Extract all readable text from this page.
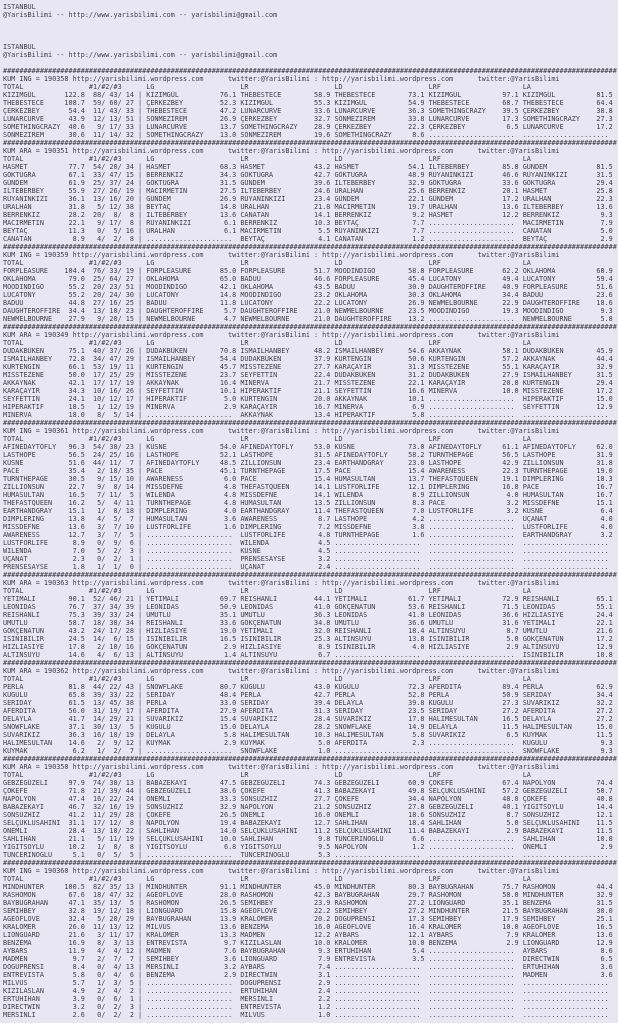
ISTANBUL
@YarisBilimi -- http://www.yarisbilimi.com -- yarisbilimi@gmail.com

ISTANBUL
@YarisBilimi -- http://www.yarisbilimi.com -- yarisbilimi@gmail.com

######################################################################################################################################################
KUM ING = 190358 http://yarisbilimi.wordpress.com      twitter:@YarisBilimi : http://yarisbilimi.wordpress.com      twitter:@YarisBilimi
TOTAL                #1/#2/#3      LG                     LR                     LD                     LRF                    LA
KIZIMGÜL       122.8  88/ 43/ 14 | KIZIMGÜL          76.1 THEBESTECE        58.9 THEBESTECE        73.1 KIZIMGÜL          97.1 KIZIMGÜL          81.5
THEBESTECE     108.7  59/ 60/ 27 | ÇERKEZBEY         52.3 KIZIMGÜL          55.3 KIZIMGÜL          54.9 THEBESTECE        68.7 THEBESTECE        64.4
ÇERKEZBEY       54.4  11/ 43/ 33 | THEBESTECE        47.2 LUNARCURVE        33.6 LUNARCURVE        36.3 SOMETHINGCRAZY    39.5 ÇERKEZBEY         38.8
LUNARCURVE      43.9  12/ 13/ 51 | SÖNMEZIREM        26.9 ÇERKEZBEY         32.7 SÖNMEZIREM        33.8 LUNARCURVE        17.3 SOMETHINGCRAZY    27.3
SOMETHINGCRAZY  40.6   9/ 17/ 33 | LUNARCURVE        13.7 SOMETHINGCRAZY    28.9 ÇERKEZBEY         22.3 ÇERKEZBEY          6.5 LUNARCURVE        17.2
SÖNMEZIREM      30.6  11/ 14/ 32 | SOMETHINGCRAZY    13.0 SÖNMEZIREM        19.6 SOMETHINGCRAZY     8.6 .....................  .....................
######################################################################################################################################################
KUM ARA = 190351 http://yarisbilimi.wordpress.com      twitter:@YarisBilimi : http://yarisbilimi.wordpress.com      twitter:@YarisBilimi
TOTAL                #1/#2/#3      LG                     LR                     LD                     LRF                    LA
HASMET          77.7  54/ 20/ 34 | HASMET            68.3 HASMET            43.2 HASMET            54.1 ILTEBERBEY        85.8 GÜNDEM            81.5
GÖKTUGRA        67.1  33/ 47/ 15 | BERRENKIZ         34.3 GÖKTUGRA          42.7 GÖKTUGRA          48.9 RÜYANINKIZI       46.6 RÜYANINKIZI       31.5
GÜNDEM          61.9  25/ 37/ 24 | GÖKTUGRA          31.5 GÜNDEM            39.6 ILTEBERBEY        32.9 GÖKTUGRA          33.6 GÖKTUGRA          29.4
ILTEBERBEY      55.9  27/ 26/ 19 | MACIRMETIN        27.5 ILTEBERBEY        24.6 URALHAN           25.6 BERRENKIZ         20.1 HASMET            25.8
RÜYANINKIZI     36.1  13/ 16/ 20 | GÜNDEM            26.9 RÜYANINKIZI       23.4 GÜNDEM            22.1 GÜNDEM            17.2 URALHAN           22.3
URALHAN         31.8   5/ 12/ 38 | BEYTAÇ            14.8 URALHAN           21.8 MACIRMETIN        19.7 URALHAN           13.6 ILTEBERBEY        13.6
BERRENKIZ       28.2  20/  8/  8 | ILTEBERBEY        13.6 CANATAN           14.1 BERRENKIZ          9.2 HASMET            12.2 BERRENKIZ          9.3
MACIRMETIN      22.1   9/ 17/  8 | RÜYANINKIZI        6.1 BERRENKIZ         10.3 BEYTAÇ             7.7 .....................  MACIRMETIN         7.9
BEYTAÇ          11.3   0/  5/ 16 | URALHAN            6.1 MACIRMETIN         5.5 RÜYANINKIZI        7.7 .....................  CANATAN            5.0
CANATAN          8.9   4/  2/  8 | .....................  BEYTAÇ             4.1 CANATAN            1.2 .....................  BEYTAÇ             2.9
######################################################################################################################################################
KUM ING = 190359 http://yarisbilimi.wordpress.com      twitter:@YarisBilimi : http://yarisbilimi.wordpress.com      twitter:@YarisBilimi
TOTAL                #1/#2/#3      LG                     LR                     LD                     LRF                    LA
FORPLEASURE    104.4  76/ 33/ 19 | FORPLEASURE       85.0 FORPLEASURE       51.7 MOODINDIGO        58.8 FORPLEASURE       62.2 OKLAHOMA          60.9
OKLAHOMA        79.0  25/ 64/ 27 | OKLAHOMA          65.0 BADUU             46.6 FORPLEASURE       45.4 LUCATONY          49.4 LUCATONY          59.4
MOODINDIGO      55.2  20/ 23/ 51 | MOODINDIGO        42.1 OKLAHOMA          43.5 BADUU             30.9 DAUGHTEROFFIRE    40.9 FORPLEASURE       51.6
LUCATONY        55.2  20/ 24/ 30 | LUCATONY          14.8 MOODINDIGO        23.2 OKLAHOMA          30.3 OKLAHOMA          34.4 BADUU             23.6
BADUU           44.8  27/ 16/ 25 | BADUU             11.8 LUCATONY          22.2 LUCATONY          26.9 NEWMELBOURNE      22.9 DAUGHTEROFFIRE    18.6
DAUGHTEROFFIRE  34.4  13/ 10/ 23 | DAUGHTEROFFIRE     5.7 DAUGHTEROFFIRE    21.0 NEWMELBOURNE      23.5 MOODINDIGO        19.3 MOODINDIGO         9.3
NEWMELBOURNE    27.9   9/ 20/ 15 | NEWMELBOURNE       4.7 NEWMELBOURNE      21.0 DAUGHTEROFFIRE    13.2 .....................  NEWMELBOURNE       5.8
######################################################################################################################################################
KUM ARA = 190349 http://yarisbilimi.wordpress.com      twitter:@YarisBilimi : http://yarisbilimi.wordpress.com      twitter:@YarisBilimi
TOTAL                #1/#2/#3      LG                     LR                     LD                     LRF                    LA
DUDAKBÜKEN      75.1  40/ 37/ 26 | DUDAKBÜKEN        70.8 ISMAILHANBEY      48.2 ISMAILHANBEY      54.6 AKKAYNAK          58.1 DUDAKBÜKEN        45.9
ISMAILHANBEY    72.8  34/ 47/ 29 | ISMAILHANBEY      54.4 DUDAKBÜKEN        37.9 KURTENGIN         50.6 KURTENGIN         57.2 AKKAYNAK          44.4
KURTENGIN       66.1  53/ 19/ 11 | KURTENGIN         45.7 MISSTEZENE        27.7 KARAÇAYIR         31.3 MISSTEZENE        55.1 KARAÇAYIR         32.9
MISSTEZENE      50.0  17/ 25/ 29 | MISSTEZENE        23.7 SEYFETTIN         22.4 DUDAKBÜKEN        31.2 DUDAKBÜKEN        27.9 ISMAILHANBEY      31.5
AKKAYNAK        42.1  17/ 17/ 19 | AKKAYNAK          16.4 MINERVA           21.7 MISSTEZENE        22.1 KARAÇAYIR         20.8 KURTENGIN         29.4
KARAÇAYIR       34.3  10/ 16/ 26 | SEYFETTIN         10.1 HIPERAKTIF        21.1 SEYFETTIN         16.6 MINERVA           10.0 MISSTEZENE        17.2
SEYFETTIN       24.1  10/ 12/ 17 | HIPERAKTIF         5.0 KURTENGIN         20.0 AKKAYNAK          10.1 .....................  HIPERAKTIF        15.0
HIPERAKTIF      18.5   1/ 12/ 19 | MINERVA            2.9 KARAÇAYIR         16.7 MINERVA            6.9 .....................  SEYFETTIN         12.9
MINERVA         18.0   8/  5/ 14 | .....................  AKKAYNAK          13.4 HIPERAKTIF         5.8 .....................  .....................
######################################################################################################################################################
KUM ING = 190361 http://yarisbilimi.wordpress.com      twitter:@YarisBilimi : http://yarisbilimi.wordpress.com      twitter:@YarisBilimi
TOTAL                #1/#2/#3      LG                     LR                     LD                     LRF                    LA
AFINEDAYTOFLY   96.3  54/ 38/ 23 | KÜSNE             54.0 AFINEDAYTOFLY     53.0 KÜSNE             73.0 AFINEDAYTOFLY     61.1 AFINEDAYTOFLY     62.0
LASTHOPE        56.5  24/ 25/ 16 | LASTHOPE          52.1 LASTHOPE          31.5 AFINEDAYTOFLY     58.2 TURNTHEPAGE       56.5 LASTHOPE          31.9
KÜSNE           51.6  44/ 11/  7 | AFINEDAYTOFLY     48.5 ZILLIONSUN        23.4 EARTHANDGRAY      23.0 LASTHOPE          42.9 ZILLIONSUN        31.8
PACE            35.4   2/ 18/ 35 | PACE              45.1 TURNTHEPAGE       17.5 PACE              15.4 AWARENESS         22.3 TURNTHEPAGE       19.0
TURNTHEPAGE     30.5   9/ 15/ 10 | AWARENESS          6.0 PACE              15.4 HUMASULTAN        13.7 THEFASTQUEEN      19.1 DIMPLERING        18.3
ZILLIONSUN      22.7   9/  8/ 14 | MISSDEFNE          4.8 THEFASTQUEEN      14.1 LUSTFORLIFE       12.1 DIMPLERING        16.8 PACE              16.7
HUMASULTAN      16.5   7/ 11/  5 | WILENDA            4.8 MISSDEFNE         14.1 WILENDA            8.9 ZILLIONSUN         4.0 HUMASULTAN        16.7
THEFASTQUEEN    16.2   5/  4/ 11 | TURNTHEPAGE        4.8 HUMASULTAN        13.5 ZILLIONSUN         8.3 PACE               3.2 MISSDEFNE         15.1
EARTHANDGRAY    15.1   1/  8/ 18 | DIMPLERING         4.0 EARTHANDGRAY      11.4 THEFASTQUEEN       7.0 LUSTFORLIFE        3.2 KÜSNE              6.4
DIMPLERING      13.8   4/  5/  7 | HUMASULTAN         3.6 AWARENESS          8.7 LASTHOPE           4.2 .....................  UÇANAT             4.0
MISSDEFNE       13.6   3/  7/ 10 | LUSTFORLIFE        1.6 DIMPLERING         7.2 MISSDEFNE          3.8 .....................  LUSTFORLIFE        4.0
AWARENESS       12.7   3/  7/  5 | .....................  LUSTFORLIFE        4.8 TURNTHEPAGE        1.6 .....................  EARTHANDGRAY       3.2
LUSTFORLIFE      8.9   0/  9/  6 | .....................  WILENDA            4.5 .....................  .....................  .....................
WILENDA          7.0   5/  2/  3 | .....................  KÜSNE              4.5 .....................  .....................  .....................
UÇANAT           2.3   0/  2/  1 | .....................  PRENSESAYSE        3.2 .....................  .....................  .....................
PRENSESAYSE      1.8   1/  1/  0 | .....................  UÇANAT             2.4 .....................  .....................  .....................
######################################################################################################################################################
KUM ARA = 190363 http://yarisbilimi.wordpress.com      twitter:@YarisBilimi : http://yarisbilimi.wordpress.com      twitter:@YarisBilimi
TOTAL                #1/#2/#3      LG                     LR                     LD                     LRF                    LA
YETIMALI        90.1  52/ 46/ 21 | YETIMALI          69.7 REISHANLI         44.1 YETIMALI          61.7 YETIMALI          72.9 REISHANLI         65.1
LEONIDAS        76.7  37/ 34/ 39 | LEONIDAS          50.9 LEONIDAS          41.0 GÖKÇENATUN        53.6 REISHANLI         71.5 LEONIDAS          55.1
REISHANLI       75.3  39/ 33/ 24 | UMUTLU            35.1 UMUTLU            36.3 LEONIDAS          41.0 LEONIDAS          36.6 HIZLIASIYE        24.4
UMUTLU          58.7  18/ 38/ 34 | REISHANLI         33.6 GÖKÇENATUN        34.8 UMUTLU            36.6 UMUTLU            31.6 YETIMALI          22.1
GÖKÇENATUN      43.2  24/ 17/ 28 | HIZLIASIYE        19.0 YETIMALI          32.0 REISHANLI         18.4 ALTINSUYU          8.7 UMUTLU            21.6
ISINIBILIR      24.5  14/  6/ 15 | ISINIBILIR        16.5 ISINIBILIR        25.3 ALTINSUYU         13.8 ISINIBILIR         5.0 GÖKÇENATUN        17.2
HIZLIASIYE      17.8   2/ 10/ 16 | GÖKÇENATUN         2.9 HIZLIASIYE         8.9 ISINIBILIR         4.0 HIZLIASIYE         2.9 ALTINSUYU         12.9
ALTINSUYU       14.6   4/  6/ 13 | ALTINSUYU          1.4 ALTINSUYU          6.7 .....................  .....................  ISINIBILIR        10.8
######################################################################################################################################################
KUM ARA = 190362 http://yarisbilimi.wordpress.com      twitter:@YarisBilimi : http://yarisbilimi.wordpress.com      twitter:@YarisBilimi
TOTAL                #1/#2/#3      LG                     LR                     LD                     LRF                    LA
PERLA           81.8  44/ 22/ 43 | SNOWFLAKE         80.7 KUGULU            43.0 KUGULU            72.3 AFERDITA          89.4 PERLA             62.9
KUGULU          65.8  39/ 33/ 22 | SERIDAY           48.4 PERLA             42.7 PERLA             52.8 PERLA             50.9 SERIDAY           34.4
SERIDAY         61.5  13/ 45/ 38 | PERLA             33.0 SERIDAY           39.4 DELAYLA           39.8 KUGULU            27.3 SÜVARIKIZ         32.2
AFERDITA        56.0  31/ 19/ 17 | AFERDITA          27.9 AFERDITA          31.3 SERIDAY           23.5 SERIDAY           27.2 AFERDITA          27.2
DELAYLA         41.7  14/ 29/ 21 | SÜVARIKIZ         15.4 SÜVARIKIZ         28.4 SÜVARIKIZ         17.8 HALIMESULTAN      16.5 DELAYLA           27.2
SNOWFLAKE       37.1  30/ 13/  5 | KUGULU            15.0 DELAYLA           28.2 SNOWFLAKE         14.9 DELAYLA           11.5 HALIMESULTAN      15.0
SÜVARIKIZ       36.3  16/ 18/ 19 | DELAYLA            5.8 HALIMESULTAN      10.3 HALIMESULTAN       5.8 SÜVARIKIZ          6.5 KUYMAK            11.5
HALIMESULTAN    14.6   2/  9/ 12 | KUYMAK             2.9 KUYMAK             5.0 AFERDITA           2.3 .....................  KUGULU             9.3
KUYMAK           6.2   1/  2/  7 | .....................  SNOWFLAKE          1.0 .....................  .....................  SNOWFLAKE          9.3
######################################################################################################################################################
KUM ARA = 190350 http://yarisbilimi.wordpress.com      twitter:@YarisBilimi : http://yarisbilimi.wordpress.com      twitter:@YarisBilimi
TOTAL                #1/#2/#3      LG                     LR                     LD                     LRF                    LA
GEBZEGÜZELI     97.9  74/ 38/ 13 | BABAZEKAYI        47.5 GEBZEGÜZELI       74.3 GEBZEGÜZELI       60.9 ÇOKEFE            67.4 NAPOLYON          74.4
ÇOKEFE          71.8  21/ 39/ 44 | GEBZEGÜZELI       38.6 ÇOKEFE            41.3 BABAZEKAYI        49.8 SELÇUKLUSAHINI    57.2 GEBZEGÜZELI       50.7
NAPOLYON        47.4  16/ 22/ 24 | ÖNEMLI            33.3 SONSUZHIZ         27.7 ÇOKEFE            34.4 NAPOLYON          48.0 ÇOKEFE            40.8
BABAZEKAYI      46.7  32/ 16/ 19 | SONSUZHIZ         32.9 NAPOLYON          21.2 SONSUZHIZ         27.8 GEBZEGÜZELI       40.1 YIGITSOYLU        14.4
SONSUZHIZ       41.2  11/ 29/ 28 | ÇOKEFE            26.5 ÖNEMLI            16.0 ÖNEMLI            18.6 SONSUZHIZ          8.7 SONSUZHIZ         12.1
SELÇUKLUSAHINI  31.1  17/ 12/  8 | NAPOLYON          19.4 BABAZEKAYI        12.7 SAHLIHAN          18.4 SAHLIHAN           5.0 SELÇUKLUSAHINI    11.5
ÖNEMLI          28.4  13/ 10/ 22 | SAHLIHAN          14.0 SELÇUKLUSAHINI    11.2 SELÇUKLUSAHINI    11.4 BABAZEKAYI         2.9 BABAZEKAYI        11.5
SAHLIHAN        21.1   5/ 11/ 19 | SELÇUKLUSAHINI    10.0 SAHLIHAN           9.8 TUNCERINOGLU       6.6 .....................  SAHLIHAN          10.8
YIGITSOYLU      10.2   1/  8/  8 | YIGITSOYLU         6.8 YIGITSOYLU         9.5 NAPOLYON           1.2 .....................  ÖNEMLI             2.9
TUNCERINOGLU     5.1   0/  5/  5 | .....................  TUNCERINOGLU       5.3 .....................  .....................  .....................
######################################################################################################################################################
KUM ING = 190360 http://yarisbilimi.wordpress.com      twitter:@YarisBilimi : http://yarisbilimi.wordpress.com      twitter:@YarisBilimi
TOTAL                #1/#2/#3      LG                     LR                     LD                     LRF                    LA
MINDHUNTER     100.5  82/ 35/ 13 | MINDHUNTER        91.1 MINDHUNTER        45.0 MINDHUNTER        80.3 BAYBUGRAHAN       75.7 RASHOMON          44.4
RASHOMON        67.6  18/ 47/ 32 | AGEOFLOVE         28.0 RASHOMON          42.3 BAYBUGRAHAN       29.7 RASHOMON          58.0 MINDHUNTER        32.9
BAYBUGRAHAN     47.1  35/ 13/  5 | RASHOMON          26.5 SEMIHBEY          23.9 RASHOMON          27.2 LIONGUARD         35.1 BENZEMA           31.5
SEMIHBEY        32.8  19/ 12/ 18 | LIONGUARD         15.8 AGEOFLOVE         22.2 SEMIHBEY          27.2 MINDHUNTER        21.5 BAYBUGRAHAN       30.0
AGEOFLOVE       32.4   5/ 20/ 29 | BAYBUGRAHAN       13.9 KRALÖMER          20.2 DOGUPRENSI        17.3 SEMIHBEY          17.9 SEMIHBEY          25.1
KRALÖMER        26.0  11/ 13/ 12 | MILVUS            13.6 BENZEMA           16.0 AGEOFLOVE         16.4 KRALÖMER          10.0 AGEOFLOVE         16.5
LIONGUARD       21.6   3/ 11/ 17 | KRALÖMER          13.3 MADMEN            12.2 AYBARS            12.1 AYBARS             7.9 KRALÖMER          13.6
BENZEMA         16.9   8/  3/ 13 | ENTREVISTA         9.7 KIZILASLAN        10.0 KRALÖMER          10.0 BENZEMA            2.9 LIONGUARD         12.9
AYBARS          11.9   4/  4/ 12 | MADMEN             7.6 BAYBUGRAHAN        9.3 ERTUHIHAN          5.4 .....................  AYBARS             8.6
MADMEN           9.7   2/  7/  7 | SEMIHBEY           3.6 LIONGUARD          7.9 ENTREVISTA         3.5 .....................  DIRECTWIN          6.5
DOGUPRENSI       8.4   0/  4/ 13 | MERSINLI           3.2 AYBARS             7.4 .....................  .....................  ERTUHIHAN          3.6
ENTREVISTA       5.8   0/  4/  6 | BENZEMA            2.9 DIRECTWIN          3.1 .....................  .....................  MADMEN             3.6
MILVUS           5.7   1/  3/  5 | .....................  DOGUPRENSI         2.9 .....................  .....................  .....................
KIZILASLAN       4.9   2/  4/  2 | .....................  ERTUHIHAN          2.4 .....................  .....................  .....................
ERTUHIHAN        3.9   0/  6/  1 | .....................  MERSINLI           2.2 .....................  .....................  .....................
DIRECTWIN        3.2   0/  2/  3 | .....................  ENTREVISTA         1.2 .....................  .....................  .....................
MERSINLI         2.6   0/  2/  2 | .....................  MILVUS             1.0 .....................  .....................  .....................
